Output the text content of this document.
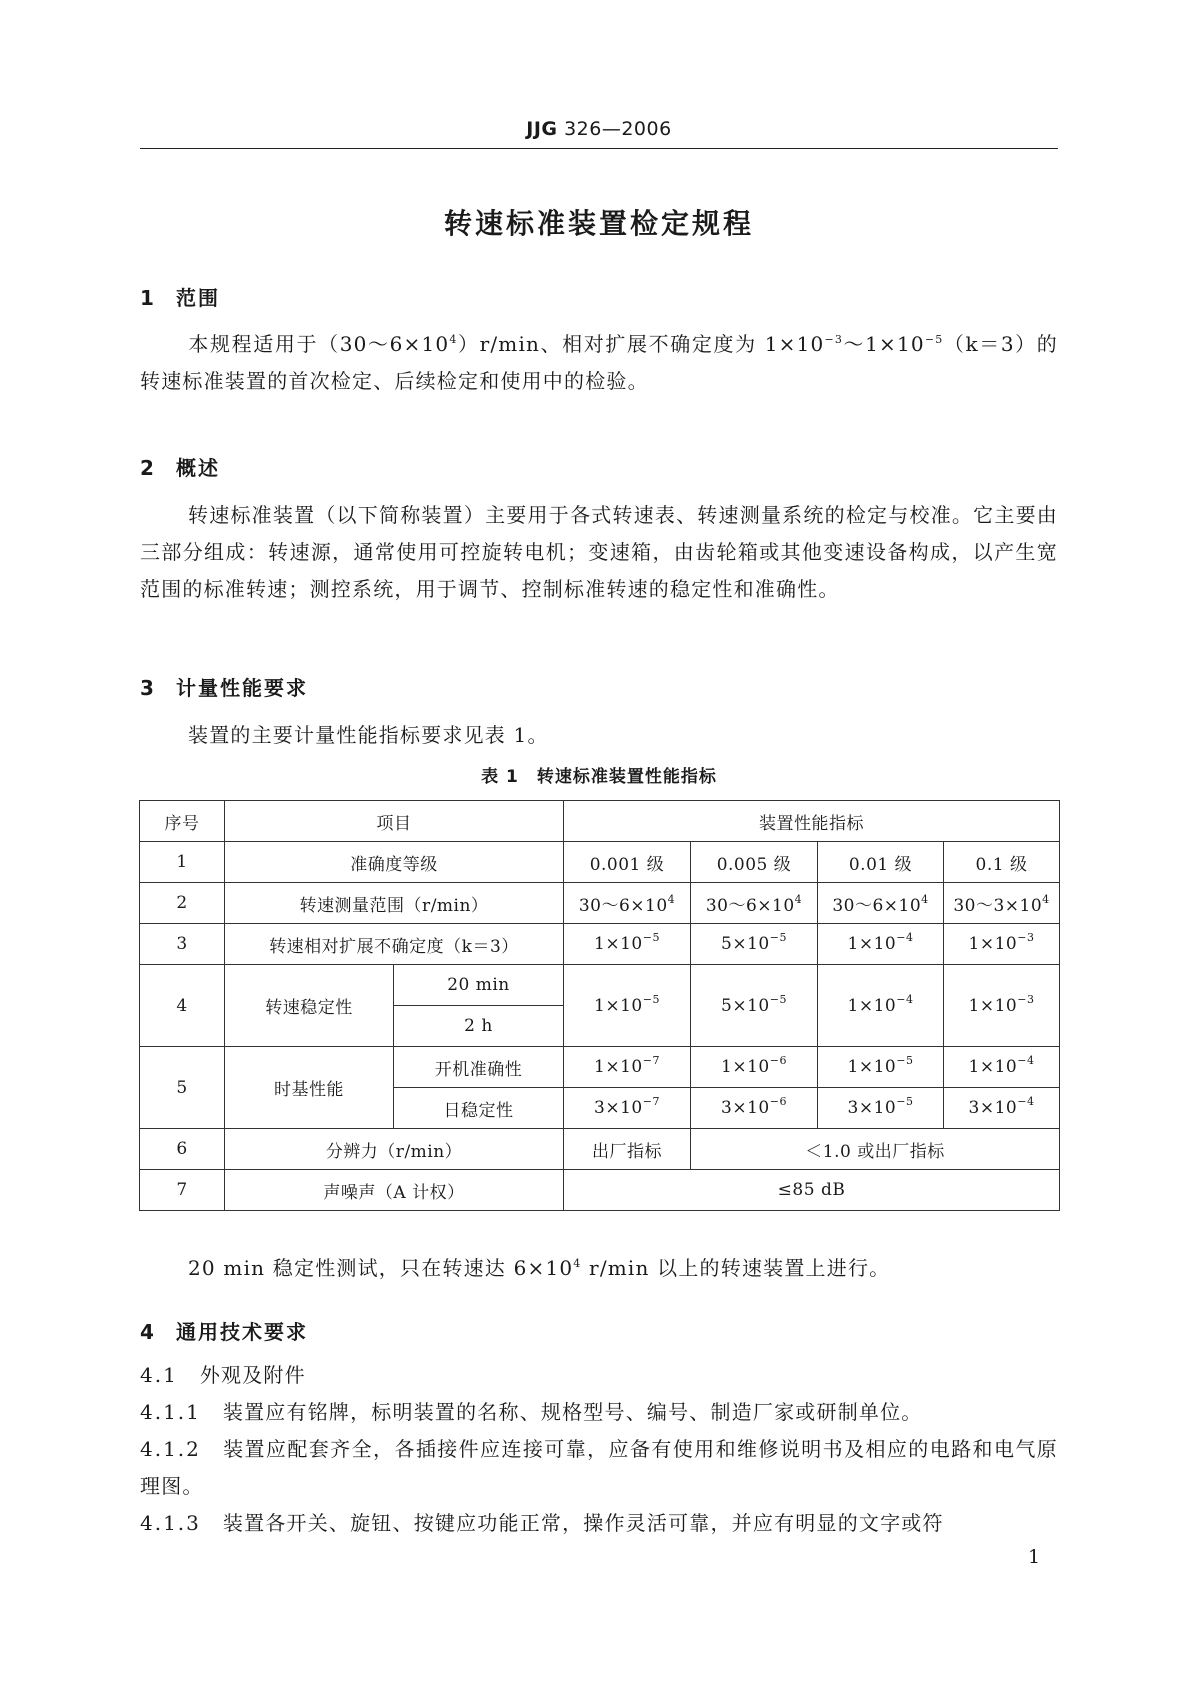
JJG 326—2006
转速标准装置检定规程
1 范围
本规程适用于$(30\sim 6\times 10^4)r/\min$、相对扩展不确定度为 $1\times 10^{-3}\sim 1\times 10^{-5}(k=3)$的转速标准装置的首次检定、后续检定和使用中的检验。
2 概述
转速标准装置（以下简称装置）主要用于各式转速表、转速测量系统的检定与校准。它主要由三部分组成：转速源，通常使用可控旋转电机；变速箱，由齿轮箱或其他变速设备构成，以产生宽范围的标准转速；测控系统，用于调节、控制标准转速的稳定性和准确性。
3 计量性能要求
装置的主要计量性能指标要求见表 1。
表 1 转速标准装置性能指标
序号	项目		装置性能指标			
1	准确度等级		0.001 级	0.005 级	0.01 级	0.1 级
2	转速测量范围（r/min）		$30\sim 6\times 10^4$	$30\sim 6\times 10^4$	$30\sim 6\times 10^4$	$30\sim 3\times 10^4$
3	转速相对扩展不确定度（k＝3）		$1\times 10^{-5}$	$5\times 10^{-5}$	$1\times 10^{-4}$	$1\times 10^{-3}$
4	转速稳定性	20 min	$1\times 10^{-5}$	$5\times 10^{-5}$	$1\times 10^{-4}$	$1\times 10^{-3}$
		2 h				
5	时基性能	开机准确性	$1\times 10^{-7}$	$1\times 10^{-6}$	$1\times 10^{-5}$	$1\times 10^{-4}$
		日稳定性	$3\times 10^{-7}$	$3\times 10^{-6}$	$3\times 10^{-5}$	$3\times 10^{-4}$
6	分辨力（r/min）		出厂指标	＜1.0 或出厂指标		
7	声噪声（A 计权）		≤85 dB			
20 min 稳定性测试，只在转速达 $6\times 10^4$ r/min 以上的转速装置上进行。
4 通用技术要求
4.1 外观及附件
4.1.1 装置应有铭牌，标明装置的名称、规格型号、编号、制造厂家或研制单位。
4.1.2 装置应配套齐全，各插接件应连接可靠，应备有使用和维修说明书及相应的电路和电气原理图。
4.1.3 装置各开关、旋钮、按键应功能正常，操作灵活可靠，并应有明显的文字或符
1
